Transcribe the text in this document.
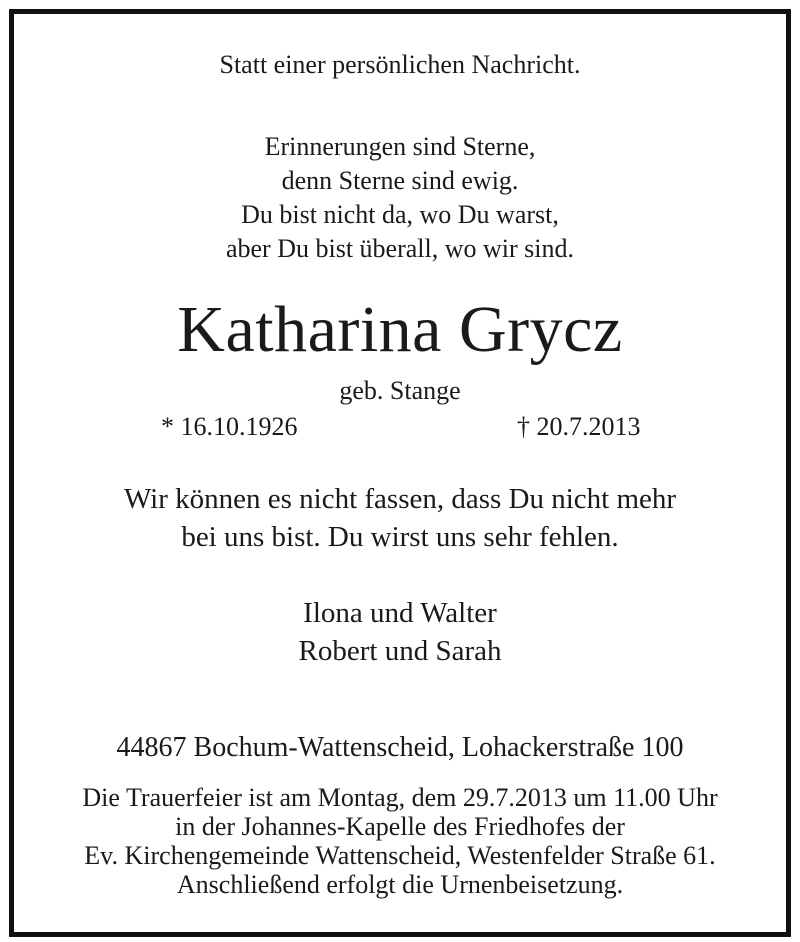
Statt einer persönlichen Nachricht.
Erinnerungen sind Sterne,
denn Sterne sind ewig.
Du bist nicht da, wo Du warst,
aber Du bist überall, wo wir sind.
Katharina Grycz
geb. Stange
* 16.10.1926	† 20.7.2013
Wir können es nicht fassen, dass Du nicht mehr
bei uns bist. Du wirst uns sehr fehlen.
Ilona und Walter
Robert und Sarah
44867 Bochum-Wattenscheid, Lohackerstraße 100
Die Trauerfeier ist am Montag, dem 29.7.2013 um 11.00 Uhr
in der Johannes-Kapelle des Friedhofes der
Ev. Kirchengemeinde Wattenscheid, Westenfelder Straße 61.
Anschließend erfolgt die Urnenbeisetzung.
